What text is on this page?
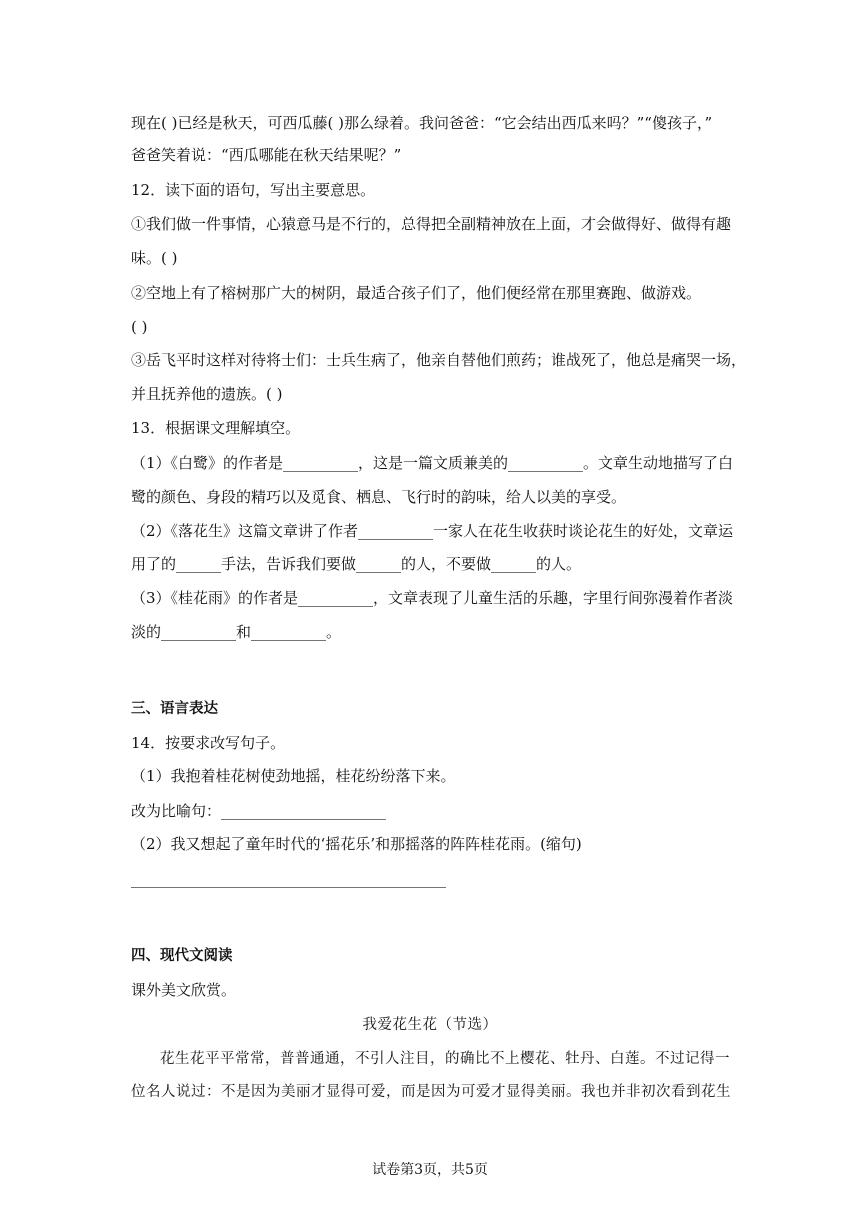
现在( )已经是秋天，可西瓜藤( )那么绿着。我问爸爸：“它会结出西瓜来吗？”“傻孩子，”
爸爸笑着说：“西瓜哪能在秋天结果呢？”
12．读下面的语句，写出主要意思。
①我们做一件事情，心猿意马是不行的，总得把全副精神放在上面，才会做得好、做得有趣
味。( )
②空地上有了榕树那广大的树阴，最适合孩子们了，他们便经常在那里赛跑、做游戏。
( )
③岳飞平时这样对待将士们：士兵生病了，他亲自替他们煎药；谁战死了，他总是痛哭一场，
并且抚养他的遗族。( )
13．根据课文理解填空。
（1）《白鹭》的作者是__________，这是一篇文质兼美的__________。文章生动地描写了白
鹭的颜色、身段的精巧以及觅食、栖息、飞行时的韵味，给人以美的享受。
（2）《落花生》这篇文章讲了作者__________一家人在花生收获时谈论花生的好处，文章运
用了的______手法，告诉我们要做______的人，不要做______的人。
（3）《桂花雨》的作者是__________，文章表现了儿童生活的乐趣，字里行间弥漫着作者淡
淡的__________和__________。
三、语言表达
14．按要求改写句子。
（1）我抱着桂花树使劲地摇，桂花纷纷落下来。
改为比喻句：______________________
（2）我又想起了童年时代的‘摇花乐’和那摇落的阵阵桂花雨。(缩句)
__________________________________________
四、现代文阅读
课外美文欣赏。
我爱花生花（节选）
花生花平平常常，普普通通，不引人注目，的确比不上樱花、牡丹、白莲。不过记得一
位名人说过：不是因为美丽才显得可爱，而是因为可爱才显得美丽。我也并非初次看到花生
试卷第3页，共5页
